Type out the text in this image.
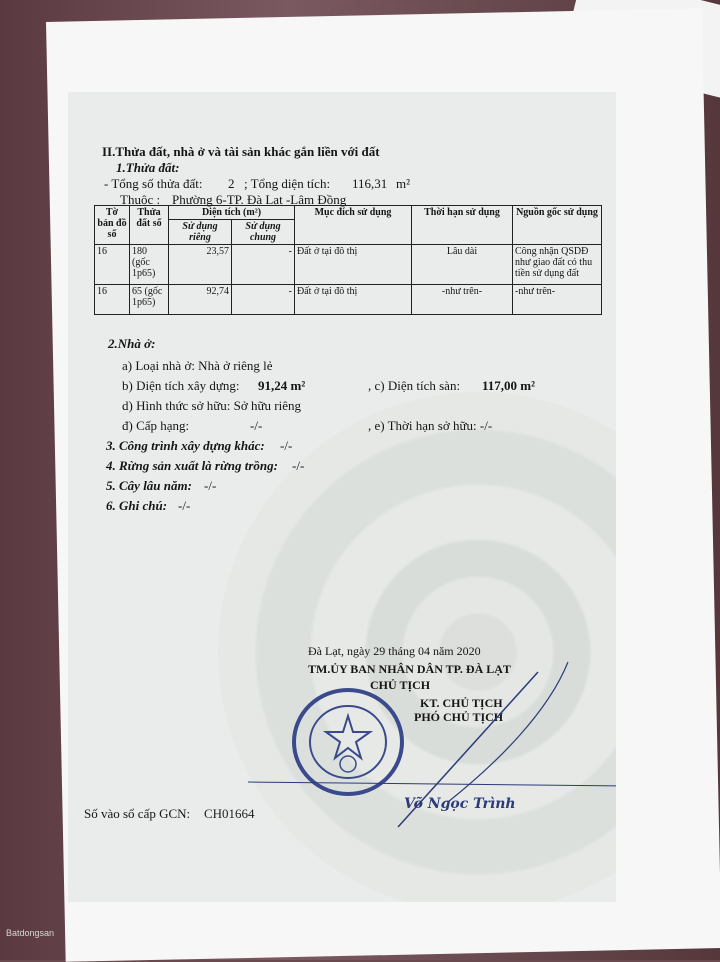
II.Thửa đất, nhà ở và tài sản khác gắn liền với đất
1.Thửa đất:
- Tổng số thửa đất: 2 ; Tổng diện tích: 116,31 m²
Thuộc : Phường 6-TP. Đà Lạt -Lâm Đồng
Tờ bản đồ số	Thửa đất số	Diện tích (m²)		Mục đích sử dụng	Thời hạn sử dụng	Nguồn gốc sử dụng
		Sử dụng riêng	Sử dụng chung			
16	180 (gốc 1p65)	23,57	-	Đất ở tại đô thị	Lâu dài	Công nhận QSDĐ như giao đất có thu tiền sử dụng đất
16	65 (gốc 1p65)	92,74	-	Đất ở tại đô thị	-như trên-	-như trên-
2.Nhà ở:
a) Loại nhà ở: Nhà ở riêng lẻ
b) Diện tích xây dựng: 91,24 m²	, c) Diện tích sàn: 117,00 m²
d) Hình thức sở hữu: Sở hữu riêng
đ) Cấp hạng:	-/-	, e) Thời hạn sở hữu: -/-
3. Công trình xây dựng khác: -/-
4. Rừng sản xuất là rừng trồng: -/-
5. Cây lâu năm: -/-
6. Ghi chú: -/-
Đà Lạt, ngày 29 tháng 04 năm 2020
TM.ỦY BAN NHÂN DÂN TP. ĐÀ LẠT
CHỦ TỊCH
KT. CHỦ TỊCH
PHÓ CHỦ TỊCH
Võ Ngọc Trình
Số vào sổ cấp GCN: CH01664
Batdongsan
